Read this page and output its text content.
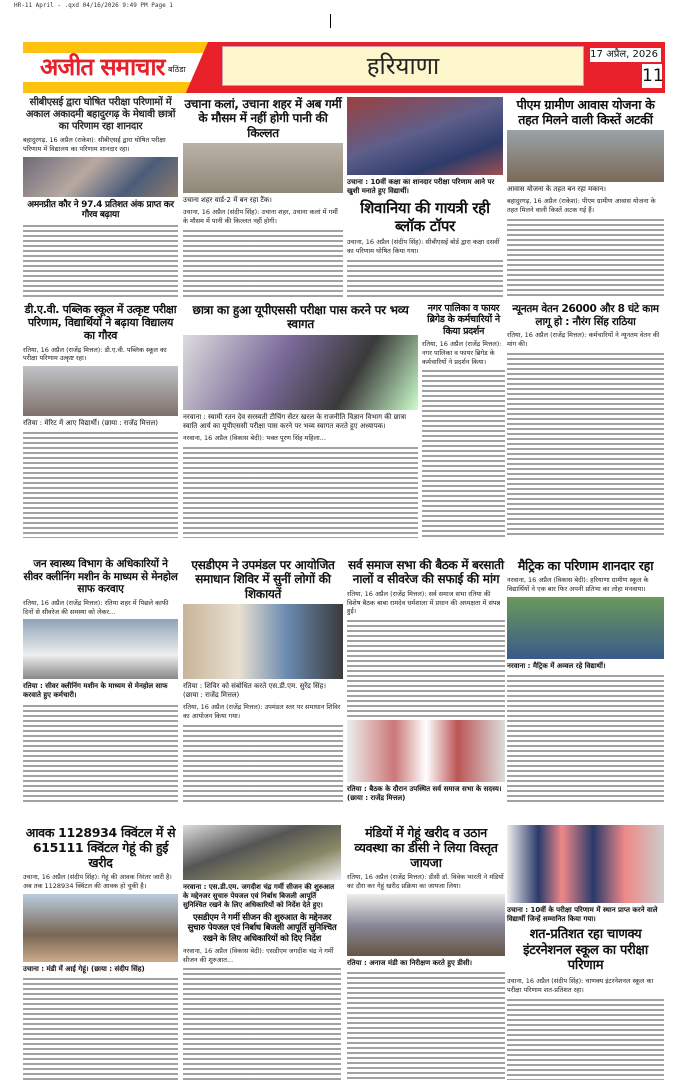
HR-11 April - .qxd 04/16/2026 9:49 PM Page 1
अजीत समाचार बठिंडा	हरियाणा	17 अप्रैल, 2026
11
सीबीएसई द्वारा घोषित परीक्षा परिणामों में अकाल अकादमी बहादुरगढ़ के मेधावी छात्रों का परिणाम रहा शानदार
बहादुरगढ़, 16 अप्रैल (राकेश): सीबीएसई द्वारा घोषित परीक्षा परिणाम में विद्यालय का परिणाम शानदार रहा।
अमनप्रीत कौर ने 97.4 प्रतिशत अंक प्राप्त कर गौरव बढ़ाया
उचाना कलां, उचाना शहर में अब गर्मी के मौसम में नहीं होगी पानी की किल्लत
उचाना शहर वार्ड-2 में बन रहा टैंक।
उचाना, 16 अप्रैल (संदीप सिंह): उचाना शहर, उचाना कलां में गर्मी के मौसम में पानी की किल्लत नहीं होगी।
उचाना : 10वीं कक्षा का शानदार परीक्षा परिणाम आने पर खुशी मनाते हुए विद्यार्थी।
शिवानिया की गायत्री रही ब्लॉक टॉपर
उचाना, 16 अप्रैल (संदीप सिंह): सीबीएसई बोर्ड द्वारा कक्षा दसवीं का परिणाम घोषित किया गया।
पीएम ग्रामीण आवास योजना के तहत मिलने वाली किस्तें अटकीं
आवास योजना के तहत बन रहा मकान।
बहादुरगढ़, 16 अप्रैल (राकेश): पीएम ग्रामीण आवास योजना के तहत मिलने वाली किस्तें अटक गई हैं।
डी.ए.वी. पब्लिक स्कूल में उत्कृष्ट परीक्षा परिणाम, विद्यार्थियों ने बढ़ाया विद्यालय का गौरव
रतिया, 16 अप्रैल (राजेंद्र मित्तल): डी.ए.वी. पब्लिक स्कूल का परीक्षा परिणाम उत्कृष्ट रहा।
रतिया : मेरिट में आए विद्यार्थी। (छाया : राजेंद्र मित्तल)
छात्रा का हुआ यूपीएससी परीक्षा पास करने पर भव्य स्वागत
नरवाना : स्वामी रतन देव सरस्वती टीचिंग सेंटर खरल के राजनीति विज्ञान विभाग की छात्रा स्वाति आर्य का यूपीएससी परीक्षा पास करने पर भव्य स्वागत करते हुए अध्यापक।
नरवाना, 16 अप्रैल (विकास बेदी): भक्त पूरण सिंह महिला...
नगर पालिका व फायर ब्रिगेड के कर्मचारियों ने किया प्रदर्शन
रतिया, 16 अप्रैल (राजेंद्र मित्तल): नगर पालिका व फायर ब्रिगेड के कर्मचारियों ने प्रदर्शन किया।
न्यूनतम वेतन 26000 और 8 घंटे काम लागू हो : नौरंग सिंह राठिया
रतिया, 16 अप्रैल (राजेंद्र मित्तल): कर्मचारियों ने न्यूनतम वेतन की मांग की।
जन स्वास्थ्य विभाग के अधिकारियों ने सीवर क्लीनिंग मशीन के माध्यम से मेनहोल साफ करवाए
रतिया, 16 अप्रैल (राजेंद्र मित्तल): रतिया शहर में पिछले काफी दिनों से सीवरेज की समस्या को लेकर...
रतिया : सीवर क्लीनिंग मशीन के माध्यम से मेनहोल साफ करवाते हुए कर्मचारी।
एसडीएम ने उपमंडल पर आयोजित समाधान शिविर में सुनीं लोगों की शिकायतें
रतिया : शिविर को संबोधित करते एस.डी.एम. सुरेंद्र सिंह। (छाया : राजेंद्र मित्तल)
रतिया, 16 अप्रैल (राजेंद्र मित्तल): उपमंडल स्तर पर समाधान शिविर का आयोजन किया गया।
सर्व समाज सभा की बैठक में बरसाती नालों व सीवरेज की सफाई की मांग
रतिया, 16 अप्रैल (राजेंद्र मित्तल): सर्व समाज सभा रतिया की विशेष बैठक बाबा रामदेव धर्मशाला में प्रधान की अध्यक्षता में संपन्न हुई।
रतिया : बैठक के दौरान उपस्थित सर्व समाज सभा के सदस्य। (छाया : राजेंद्र मित्तल)
मैट्रिक का परिणाम शानदार रहा
नरवाना, 16 अप्रैल (विकास बेदी): हरियाणा ग्रामीण स्कूल के विद्यार्थियों ने एक बार फिर अपनी प्रतिभा का लोहा मनवाया।
नरवाना : मैट्रिक में अव्वल रहे विद्यार्थी।
आवक 1128934 क्विंटल में से 615111 क्विंटल गेहूं की हुई खरीद
उचाना, 16 अप्रैल (संदीप सिंह): गेहूं की आवक निरंतर जारी है। अब तक 1128934 क्विंटल की आवक हो चुकी है।
उचाना : मंडी में आई गेहूं। (छाया : संदीप सिंह)
नरवाना : एस.डी.एम. जगदीश चंद्र गर्मी सीजन की शुरुआत के मद्देनजर सुचारु पेयजल एवं निर्बाध बिजली आपूर्ति सुनिश्चित रखने के लिए अधिकारियों को निर्देश देते हुए।
एसडीएम ने गर्मी सीजन की शुरुआत के मद्देनजर सुचारु पेयजल एवं निर्बाध बिजली आपूर्ति सुनिश्चित रखने के लिए अधिकारियों को दिए निर्देश
नरवाना, 16 अप्रैल (विकास बेदी): एसडीएम जगदीश चंद्र ने गर्मी सीजन की शुरुआत...
मंडियों में गेहूं खरीद व उठान व्यवस्था का डीसी ने लिया विस्तृत जायजा
रतिया, 16 अप्रैल (राजेंद्र मित्तल): डीसी डॉ. विवेक भारती ने मंडियों का दौरा कर गेहूं खरीद प्रक्रिया का जायजा लिया।
रतिया : अनाज मंडी का निरीक्षण करते हुए डीसी।
उचाना : 10वीं के परीक्षा परिणाम में स्थान प्राप्त करने वाले विद्यार्थी जिन्हें सम्मानित किया गया।
शत-प्रतिशत रहा चाणक्य इंटरनेशनल स्कूल का परीक्षा परिणाम
उचाना, 16 अप्रैल (संदीप सिंह): चाणक्य इंटरनेशनल स्कूल का परीक्षा परिणाम शत-प्रतिशत रहा।
